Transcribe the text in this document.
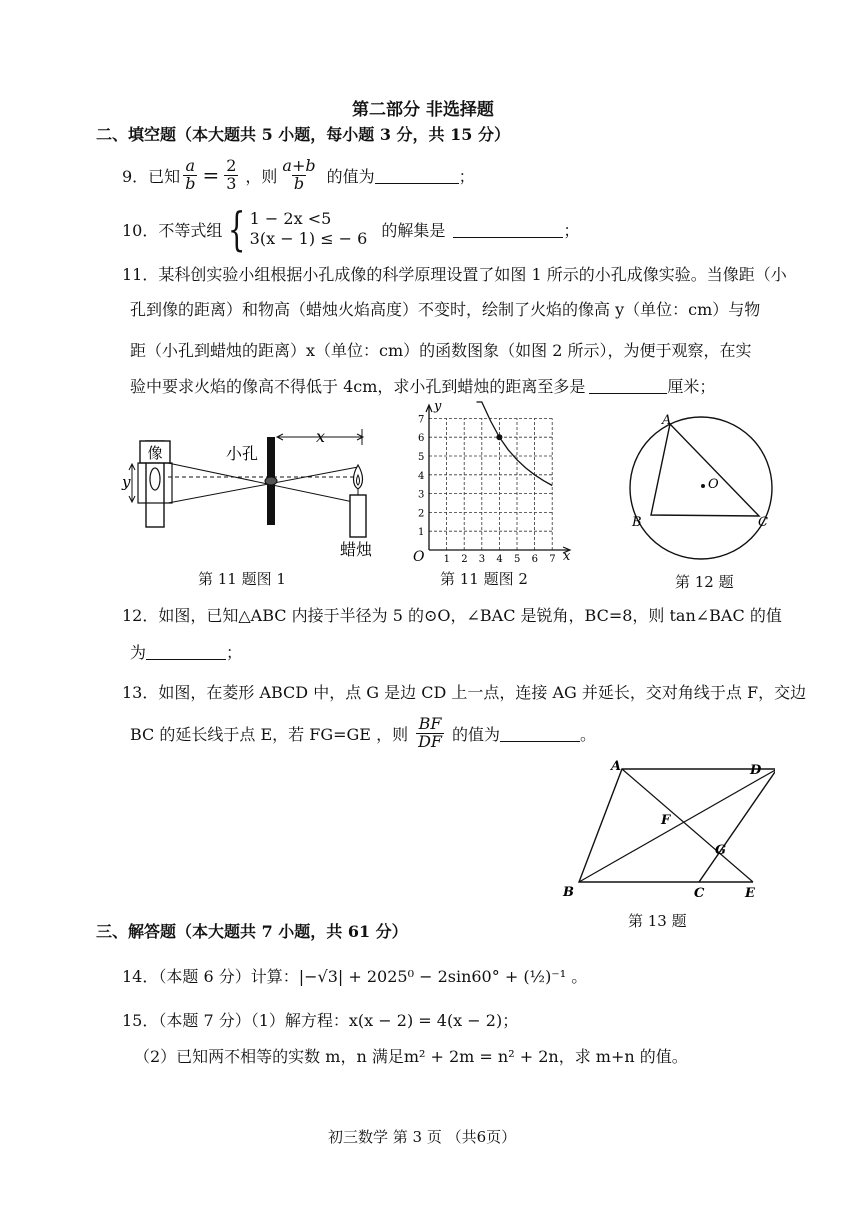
第二部分 非选择题
二、填空题（本大题共 5 小题，每小题 3 分，共 15 分）
9．已知 $\frac{a}{b} = \frac{2}{3}$ ，则 $\frac{a+b}{b}$ 的值为	；
10．不等式组 { 1 − 2x <5
3(x − 1) ≤ − 6 的解集是	；
11．某科创实验小组根据小孔成像的科学原理设置了如图 1 所示的小孔成像实验。当像距（小
孔到像的距离）和物高（蜡烛火焰高度）不变时，绘制了火焰的像高 y（单位：cm）与物
距（小孔到蜡烛的距离）x（单位：cm）的函数图象（如图 2 所示），为便于观察，在实
验中要求火焰的像高不得低于 4cm，求小孔到蜡烛的距离至多是	厘米；
像
y
小孔
x
蜡烛
第 11 题图 1
1 2 3 4 5 6 7
1
2
3
4
5
6
7
O	x
y
第 11 题图 2
A
B	C
O
第 12 题
12．如图，已知△ABC 内接于半径为 5 的⊙O，∠BAC 是锐角，BC=8，则 tan∠BAC 的值
为	；
13．如图，在菱形 ABCD 中，点 G 是边 CD 上一点，连接 AG 并延长，交对角线于点 F，交边
BC 的延长线于点 E，若 FG=GE ，则 $\frac{BF}{DF}$ 的值为	。
A	D
B	C	E
F
G
第 13 题
三、解答题（本大题共 7 小题，共 61 分）
14．（本题 6 分）计算：|−√3| + 2025⁰ − 2sin60° + (½)⁻¹ 。
15．（本题 7 分）（1）解方程：x(x − 2) = 4(x − 2)；
（2）已知两不相等的实数 m，n 满足m² + 2m = n² + 2n，求 m+n 的值。
初三数学 第 3 页 （共6页）
